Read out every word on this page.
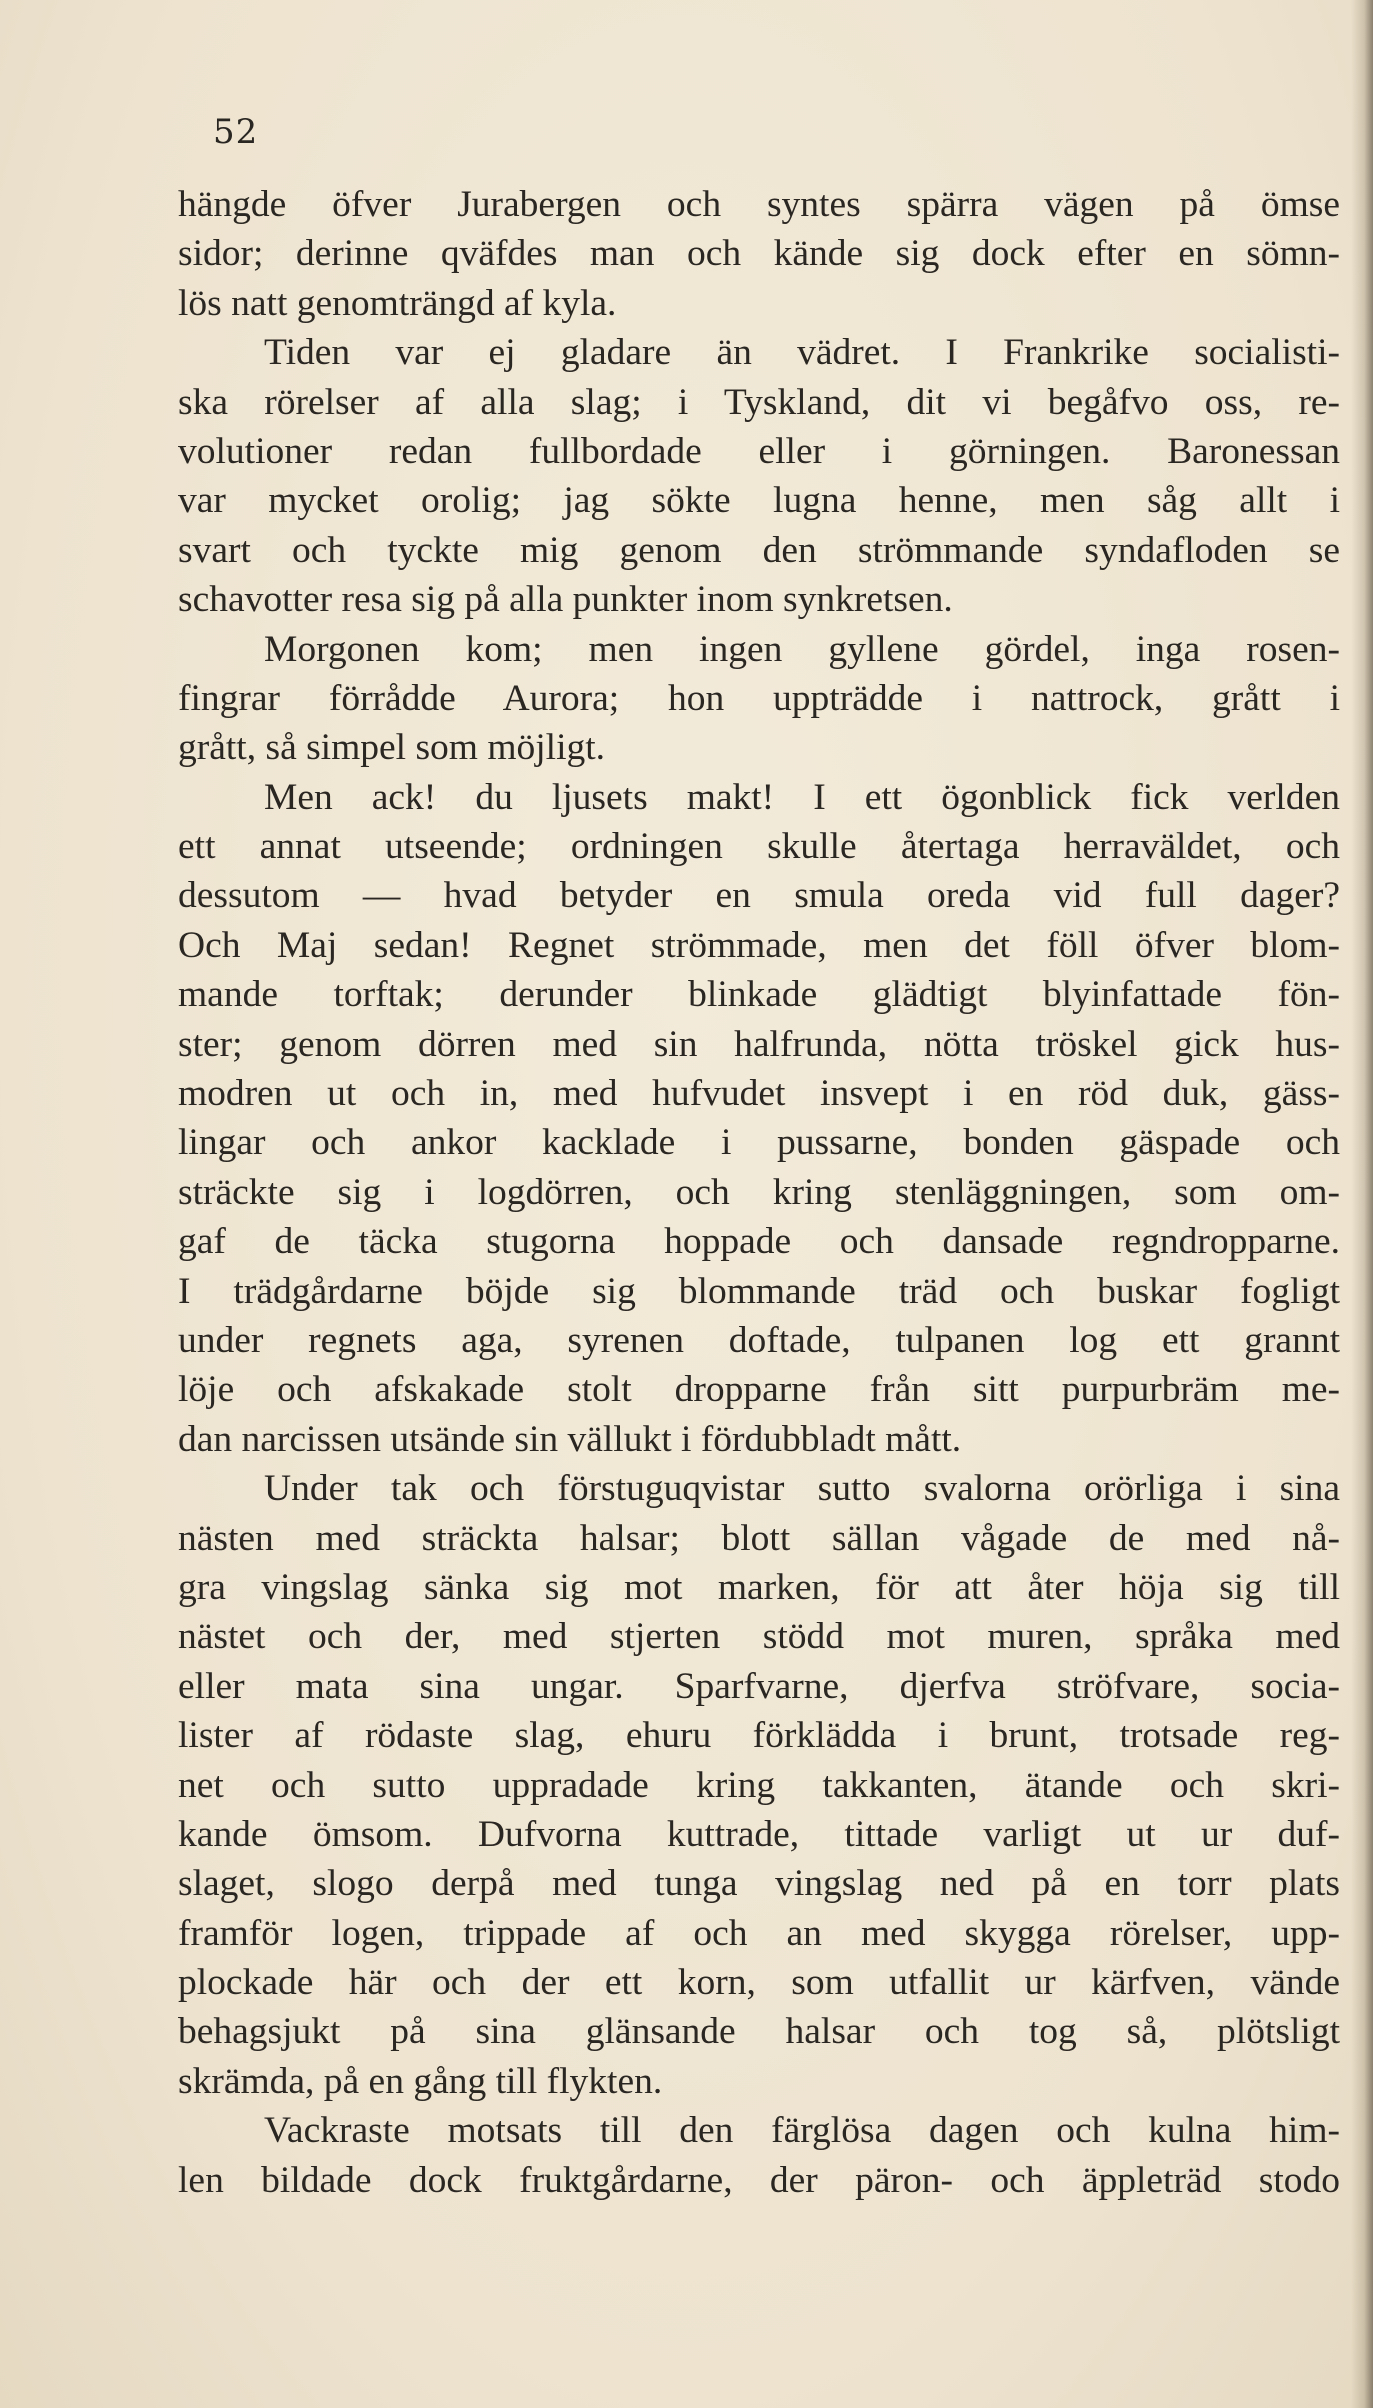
52
hängde öfver Jurabergen och syntes spärra vägen på ömse
sidor; derinne qväfdes man och kände sig dock efter en sömn-
lös natt genomträngd af kyla.
Tiden var ej gladare än vädret. I Frankrike socialisti-
ska rörelser af alla slag; i Tyskland, dit vi begåfvo oss, re-
volutioner redan fullbordade eller i görningen. Baronessan
var mycket orolig; jag sökte lugna henne, men såg allt i
svart och tyckte mig genom den strömmande syndafloden se
schavotter resa sig på alla punkter inom synkretsen.
Morgonen kom; men ingen gyllene gördel, inga rosen-
fingrar förrådde Aurora; hon uppträdde i nattrock, grått i
grått, så simpel som möjligt.
Men ack! du ljusets makt! I ett ögonblick fick verlden
ett annat utseende; ordningen skulle återtaga herraväldet, och
dessutom — hvad betyder en smula oreda vid full dager?
Och Maj sedan! Regnet strömmade, men det föll öfver blom-
mande torftak; derunder blinkade glädtigt blyinfattade fön-
ster; genom dörren med sin halfrunda, nötta tröskel gick hus-
modren ut och in, med hufvudet insvept i en röd duk, gäss-
lingar och ankor kacklade i pussarne, bonden gäspade och
sträckte sig i logdörren, och kring stenläggningen, som om-
gaf de täcka stugorna hoppade och dansade regndropparne.
I trädgårdarne böjde sig blommande träd och buskar fogligt
under regnets aga, syrenen doftade, tulpanen log ett grannt
löje och afskakade stolt dropparne från sitt purpurbräm me-
dan narcissen utsände sin vällukt i fördubbladt mått.
Under tak och förstuguqvistar sutto svalorna orörliga i sina
nästen med sträckta halsar; blott sällan vågade de med nå-
gra vingslag sänka sig mot marken, för att åter höja sig till
nästet och der, med stjerten stödd mot muren, språka med
eller mata sina ungar. Sparfvarne, djerfva ströfvare, socia-
lister af rödaste slag, ehuru förklädda i brunt, trotsade reg-
net och sutto uppradade kring takkanten, ätande och skri-
kande ömsom. Dufvorna kuttrade, tittade varligt ut ur duf-
slaget, slogo derpå med tunga vingslag ned på en torr plats
framför logen, trippade af och an med skygga rörelser, upp-
plockade här och der ett korn, som utfallit ur kärfven, vände
behagsjukt på sina glänsande halsar och tog så, plötsligt
skrämda, på en gång till flykten.
Vackraste motsats till den färglösa dagen och kulna him-
len bildade dock fruktgårdarne, der päron- och äppleträd stodo
